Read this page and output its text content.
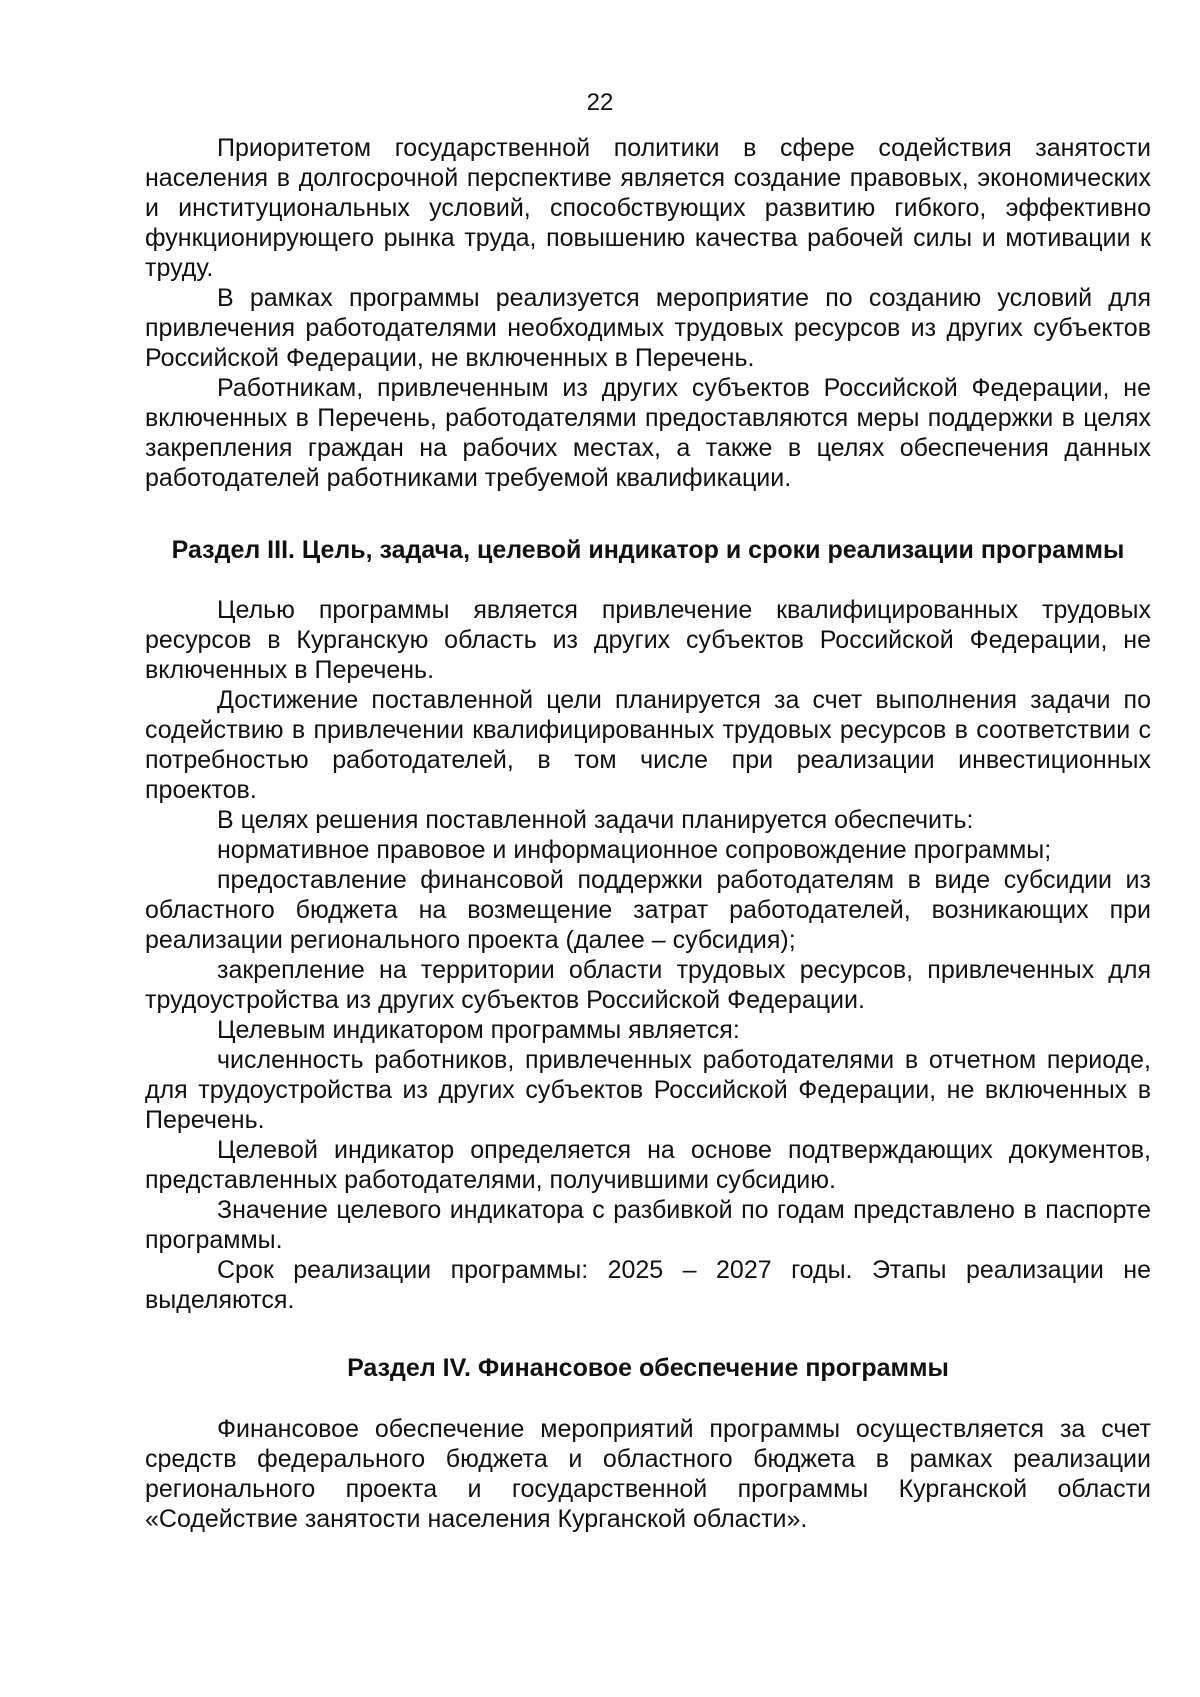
22

Приоритетом государственной политики в сфере содействия занятости населения в долгосрочной перспективе является создание правовых, экономических и институциональных условий, способствующих развитию гибкого, эффективно функционирующего рынка труда, повышению качества рабочей силы и мотивации к труду.

В рамках программы реализуется мероприятие по созданию условий для привлечения работодателями необходимых трудовых ресурсов из других субъектов Российской Федерации, не включенных в Перечень.

Работникам, привлеченным из других субъектов Российской Федерации, не включенных в Перечень, работодателями предоставляются меры поддержки в целях закрепления граждан на рабочих местах, а также в целях обеспечения данных работодателей работниками требуемой квалификации.

Раздел III. Цель, задача, целевой индикатор и сроки реализации программы

Целью программы является привлечение квалифицированных трудовых ресурсов в Курганскую область из других субъектов Российской Федерации, не включенных в Перечень.

Достижение поставленной цели планируется за счет выполнения задачи по содействию в привлечении квалифицированных трудовых ресурсов в соответствии с потребностью работодателей, в том числе при реализации инвестиционных проектов.

В целях решения поставленной задачи планируется обеспечить:

нормативное правовое и информационное сопровождение программы;

предоставление финансовой поддержки работодателям в виде субсидии из областного бюджета на возмещение затрат работодателей, возникающих при реализации регионального проекта (далее – субсидия);

закрепление на территории области трудовых ресурсов, привлеченных для трудоустройства из других субъектов Российской Федерации.

Целевым индикатором программы является:

численность работников, привлеченных работодателями в отчетном периоде, для трудоустройства из других субъектов Российской Федерации, не включенных в Перечень.

Целевой индикатор определяется на основе подтверждающих документов, представленных работодателями, получившими субсидию.

Значение целевого индикатора с разбивкой по годам представлено в паспорте программы.

Срок реализации программы: 2025 – 2027 годы. Этапы реализации не выделяются.

Раздел IV. Финансовое обеспечение программы

Финансовое обеспечение мероприятий программы осуществляется за счет средств федерального бюджета и областного бюджета в рамках реализации регионального проекта и государственной программы Курганской области «Содействие занятости населения Курганской области».
